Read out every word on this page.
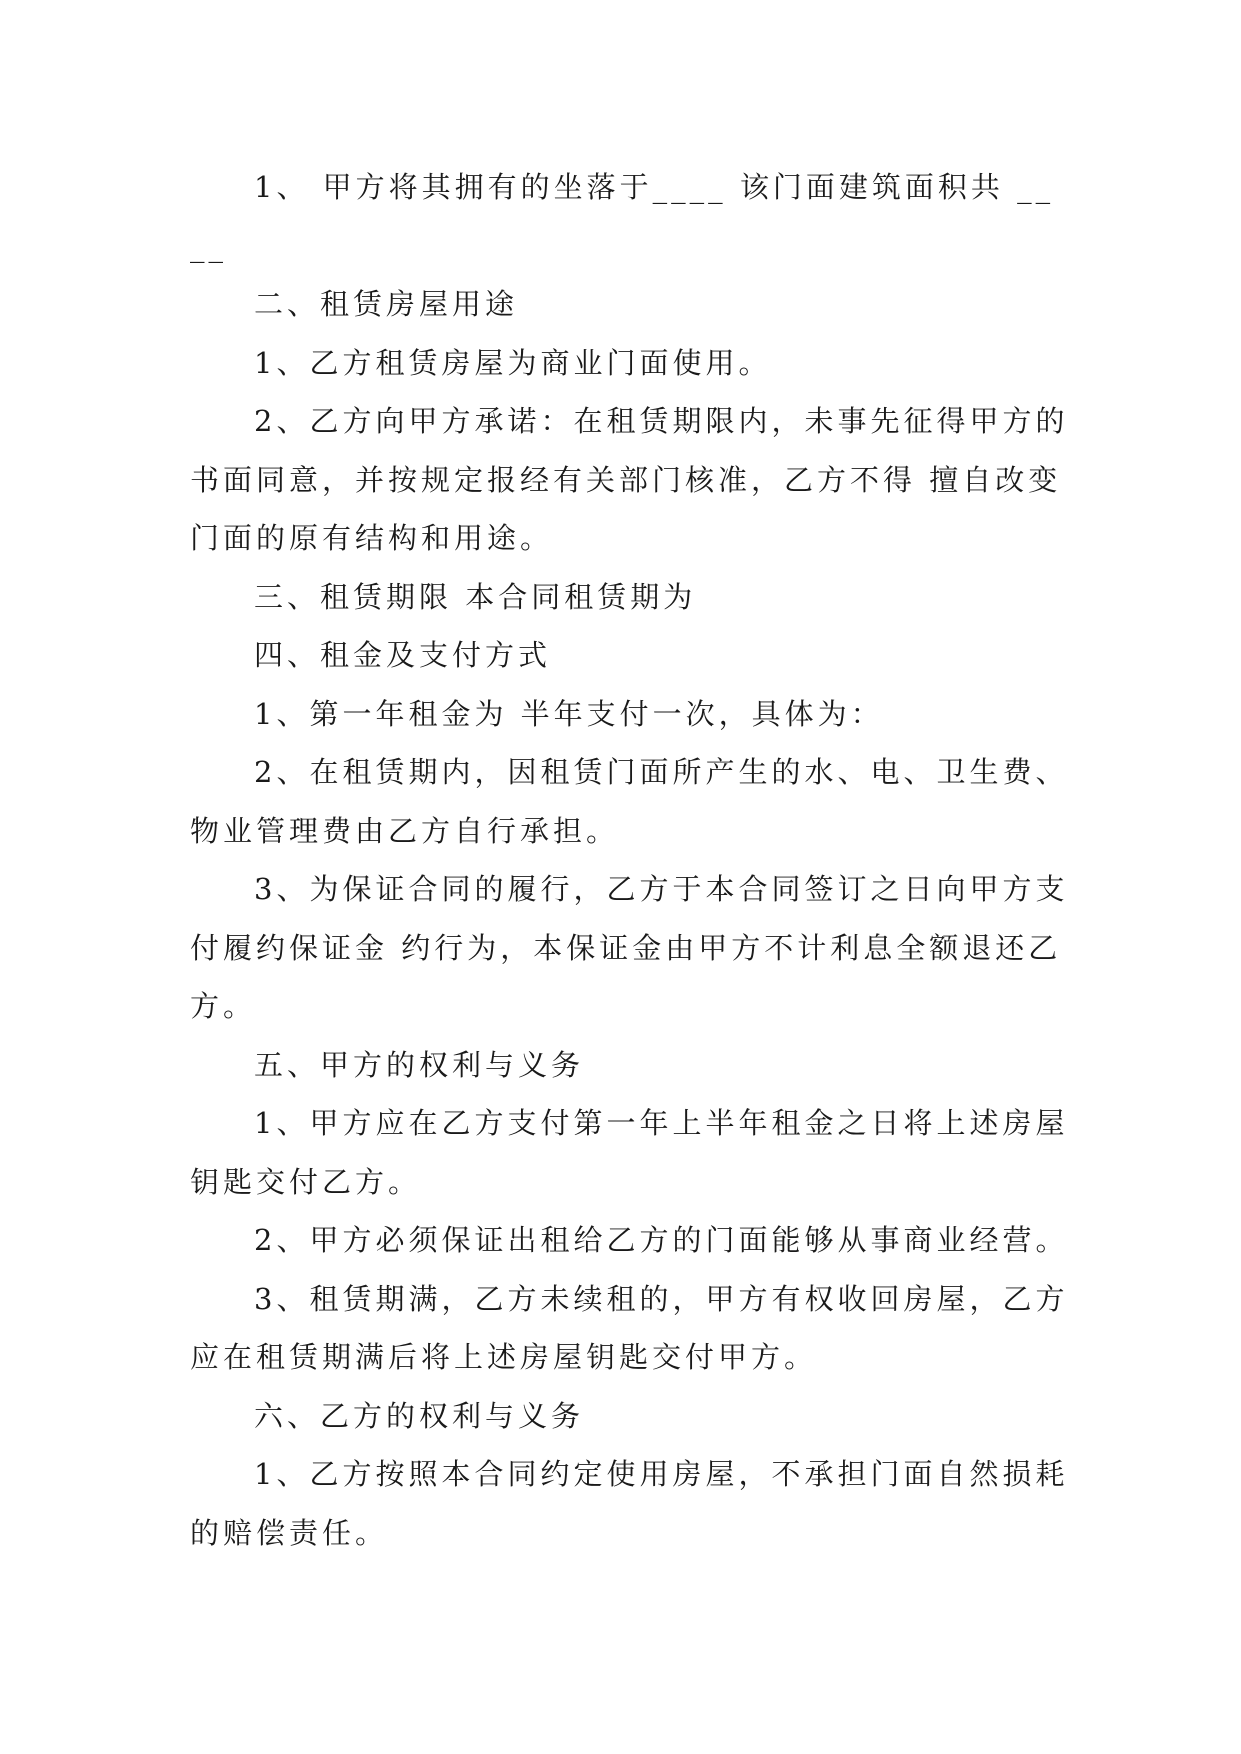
1、 甲方将其拥有的坐落于____ 该门面建筑面积共 ____

二、租赁房屋用途

1、乙方租赁房屋为商业门面使用。

2、乙方向甲方承诺：在租赁期限内，未事先征得甲方的书面同意，并按规定报经有关部门核准，乙方不得 擅自改变门面的原有结构和用途。

三、租赁期限 本合同租赁期为

四、租金及支付方式

1、第一年租金为 半年支付一次，具体为：

2、在租赁期内，因租赁门面所产生的水、电、卫生费、物业管理费由乙方自行承担。

3、为保证合同的履行，乙方于本合同签订之日向甲方支付履约保证金 约行为，本保证金由甲方不计利息全额退还乙方。

五、甲方的权利与义务

1、甲方应在乙方支付第一年上半年租金之日将上述房屋钥匙交付乙方。

2、甲方必须保证出租给乙方的门面能够从事商业经营。

3、租赁期满，乙方未续租的，甲方有权收回房屋，乙方应在租赁期满后将上述房屋钥匙交付甲方。

六、乙方的权利与义务

1、乙方按照本合同约定使用房屋，不承担门面自然损耗的赔偿责任。
